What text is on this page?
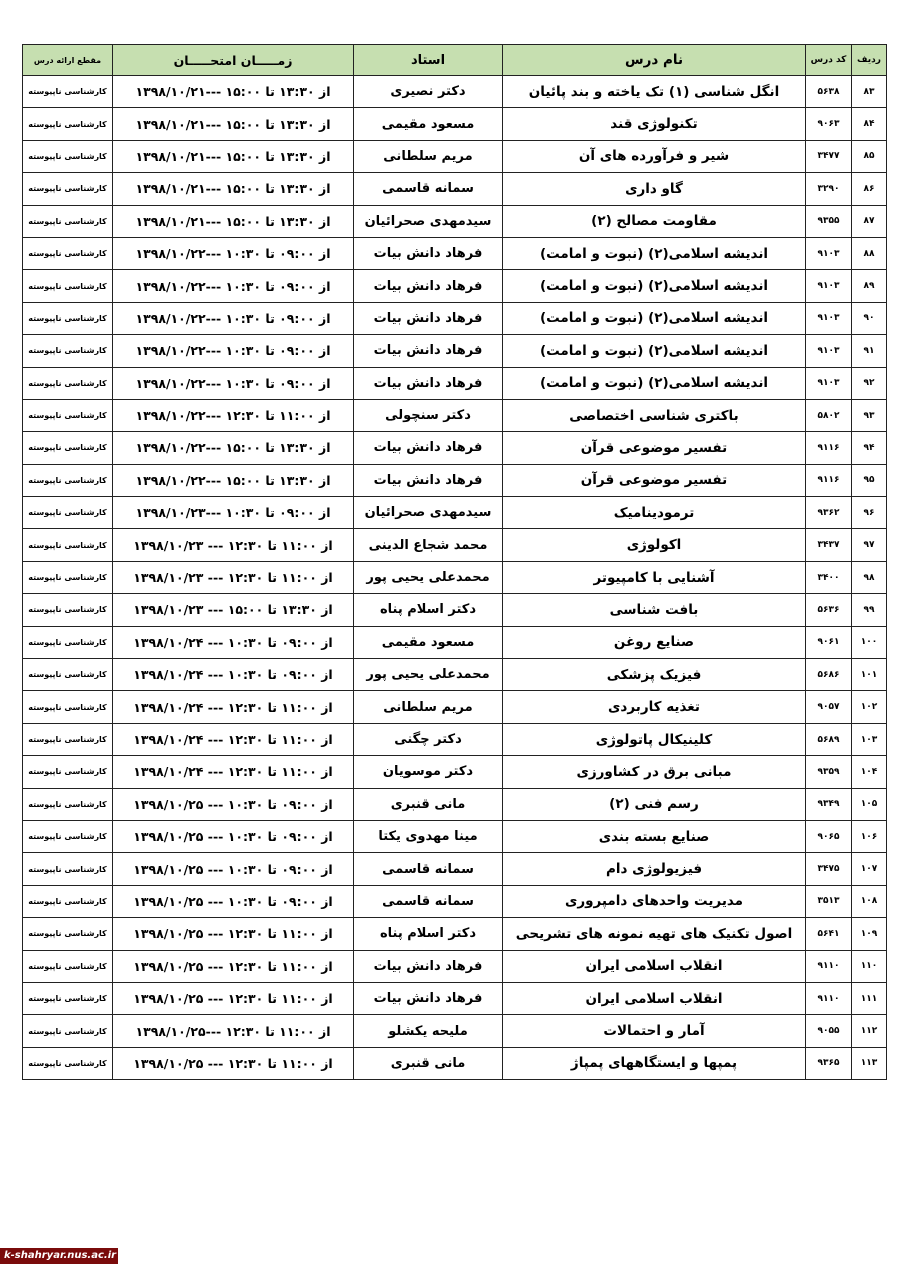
ردیف	کد درس	نام درس	استاد	زمـــــان امتحـــــان	مقطع ارائه درس
۸۳	۵۶۳۸	انگل شناسی (۱) تک یاخته و بند پائیان	دکتر نصیری	از ۱۳:۳۰ تا ۱۵:۰۰ ---۱۳۹۸/۱۰/۲۱	کارشناسی ناپیوسته
۸۴	۹۰۶۳	تکنولوژی قند	مسعود مقیمی	از ۱۳:۳۰ تا ۱۵:۰۰ ---۱۳۹۸/۱۰/۲۱	کارشناسی ناپیوسته
۸۵	۳۴۷۷	شیر و فرآورده های آن	مریم سلطانی	از ۱۳:۳۰ تا ۱۵:۰۰ ---۱۳۹۸/۱۰/۲۱	کارشناسی ناپیوسته
۸۶	۳۲۹۰	گاو داری	سمانه قاسمی	از ۱۳:۳۰ تا ۱۵:۰۰ ---۱۳۹۸/۱۰/۲۱	کارشناسی ناپیوسته
۸۷	۹۳۵۵	مقاومت مصالح (۲)	سیدمهدی صحرائیان	از ۱۳:۳۰ تا ۱۵:۰۰ ---۱۳۹۸/۱۰/۲۱	کارشناسی ناپیوسته
۸۸	۹۱۰۳	اندیشه اسلامی(۲) (نبوت و امامت)	فرهاد دانش بیات	از ۰۹:۰۰ تا ۱۰:۳۰ ---۱۳۹۸/۱۰/۲۲	کارشناسی ناپیوسته
۸۹	۹۱۰۳	اندیشه اسلامی(۲) (نبوت و امامت)	فرهاد دانش بیات	از ۰۹:۰۰ تا ۱۰:۳۰ ---۱۳۹۸/۱۰/۲۲	کارشناسی ناپیوسته
۹۰	۹۱۰۳	اندیشه اسلامی(۲) (نبوت و امامت)	فرهاد دانش بیات	از ۰۹:۰۰ تا ۱۰:۳۰ ---۱۳۹۸/۱۰/۲۲	کارشناسی ناپیوسته
۹۱	۹۱۰۳	اندیشه اسلامی(۲) (نبوت و امامت)	فرهاد دانش بیات	از ۰۹:۰۰ تا ۱۰:۳۰ ---۱۳۹۸/۱۰/۲۲	کارشناسی ناپیوسته
۹۲	۹۱۰۳	اندیشه اسلامی(۲) (نبوت و امامت)	فرهاد دانش بیات	از ۰۹:۰۰ تا ۱۰:۳۰ ---۱۳۹۸/۱۰/۲۲	کارشناسی ناپیوسته
۹۳	۵۸۰۲	باکتری شناسی اختصاصی	دکتر سنچولی	از ۱۱:۰۰ تا ۱۲:۳۰ ---۱۳۹۸/۱۰/۲۲	کارشناسی ناپیوسته
۹۴	۹۱۱۶	تفسیر موضوعی قرآن	فرهاد دانش بیات	از ۱۳:۳۰ تا ۱۵:۰۰ ---۱۳۹۸/۱۰/۲۲	کارشناسی ناپیوسته
۹۵	۹۱۱۶	تفسیر موضوعی قرآن	فرهاد دانش بیات	از ۱۳:۳۰ تا ۱۵:۰۰ ---۱۳۹۸/۱۰/۲۲	کارشناسی ناپیوسته
۹۶	۹۳۶۲	ترمودینامیک	سیدمهدی صحرائیان	از ۰۹:۰۰ تا ۱۰:۳۰ ---۱۳۹۸/۱۰/۲۳	کارشناسی ناپیوسته
۹۷	۳۴۳۷	اکولوژی	محمد شجاع الدینی	از ۱۱:۰۰ تا ۱۲:۳۰ --- ۱۳۹۸/۱۰/۲۳	کارشناسی ناپیوسته
۹۸	۳۴۰۰	آشنایی با کامپیوتر	محمدعلی یحیی پور	از ۱۱:۰۰ تا ۱۲:۳۰ --- ۱۳۹۸/۱۰/۲۳	کارشناسی ناپیوسته
۹۹	۵۶۳۶	بافت شناسی	دکتر اسلام پناه	از ۱۳:۳۰ تا ۱۵:۰۰ --- ۱۳۹۸/۱۰/۲۳	کارشناسی ناپیوسته
۱۰۰	۹۰۶۱	صنایع روغن	مسعود مقیمی	از ۰۹:۰۰ تا ۱۰:۳۰ --- ۱۳۹۸/۱۰/۲۴	کارشناسی ناپیوسته
۱۰۱	۵۶۸۶	فیزیک پزشکی	محمدعلی یحیی پور	از ۰۹:۰۰ تا ۱۰:۳۰ --- ۱۳۹۸/۱۰/۲۴	کارشناسی ناپیوسته
۱۰۲	۹۰۵۷	تغذیه کاربردی	مریم سلطانی	از ۱۱:۰۰ تا ۱۲:۳۰ --- ۱۳۹۸/۱۰/۲۴	کارشناسی ناپیوسته
۱۰۳	۵۶۸۹	کلینیکال پاتولوژی	دکتر چگنی	از ۱۱:۰۰ تا ۱۲:۳۰ --- ۱۳۹۸/۱۰/۲۴	کارشناسی ناپیوسته
۱۰۴	۹۳۵۹	مبانی برق در کشاورزی	دکتر موسویان	از ۱۱:۰۰ تا ۱۲:۳۰ --- ۱۳۹۸/۱۰/۲۴	کارشناسی ناپیوسته
۱۰۵	۹۳۴۹	رسم فنی (۲)	مانی قنبری	از ۰۹:۰۰ تا ۱۰:۳۰ --- ۱۳۹۸/۱۰/۲۵	کارشناسی ناپیوسته
۱۰۶	۹۰۶۵	صنایع بسته بندی	مینا مهدوی یکتا	از ۰۹:۰۰ تا ۱۰:۳۰ --- ۱۳۹۸/۱۰/۲۵	کارشناسی ناپیوسته
۱۰۷	۳۴۷۵	فیزیولوژی دام	سمانه قاسمی	از ۰۹:۰۰ تا ۱۰:۳۰ --- ۱۳۹۸/۱۰/۲۵	کارشناسی ناپیوسته
۱۰۸	۳۵۱۳	مدیریت واحدهای دامپروری	سمانه قاسمی	از ۰۹:۰۰ تا ۱۰:۳۰ --- ۱۳۹۸/۱۰/۲۵	کارشناسی ناپیوسته
۱۰۹	۵۶۴۱	اصول تکنیک های تهیه نمونه های تشریحی	دکتر اسلام پناه	از ۱۱:۰۰ تا ۱۲:۳۰ --- ۱۳۹۸/۱۰/۲۵	کارشناسی ناپیوسته
۱۱۰	۹۱۱۰	انقلاب اسلامی ایران	فرهاد دانش بیات	از ۱۱:۰۰ تا ۱۲:۳۰ --- ۱۳۹۸/۱۰/۲۵	کارشناسی ناپیوسته
۱۱۱	۹۱۱۰	انقلاب اسلامی ایران	فرهاد دانش بیات	از ۱۱:۰۰ تا ۱۲:۳۰ --- ۱۳۹۸/۱۰/۲۵	کارشناسی ناپیوسته
۱۱۲	۹۰۵۵	آمار و احتمالات	ملیحه یکشلو	از ۱۱:۰۰ تا ۱۲:۳۰ ---۱۳۹۸/۱۰/۲۵	کارشناسی ناپیوسته
۱۱۳	۹۳۶۵	پمپها و ایستگاههای پمپاژ	مانی قنبری	از ۱۱:۰۰ تا ۱۲:۳۰ --- ۱۳۹۸/۱۰/۲۵	کارشناسی ناپیوسته
k-shahryar.nus.ac.ir
